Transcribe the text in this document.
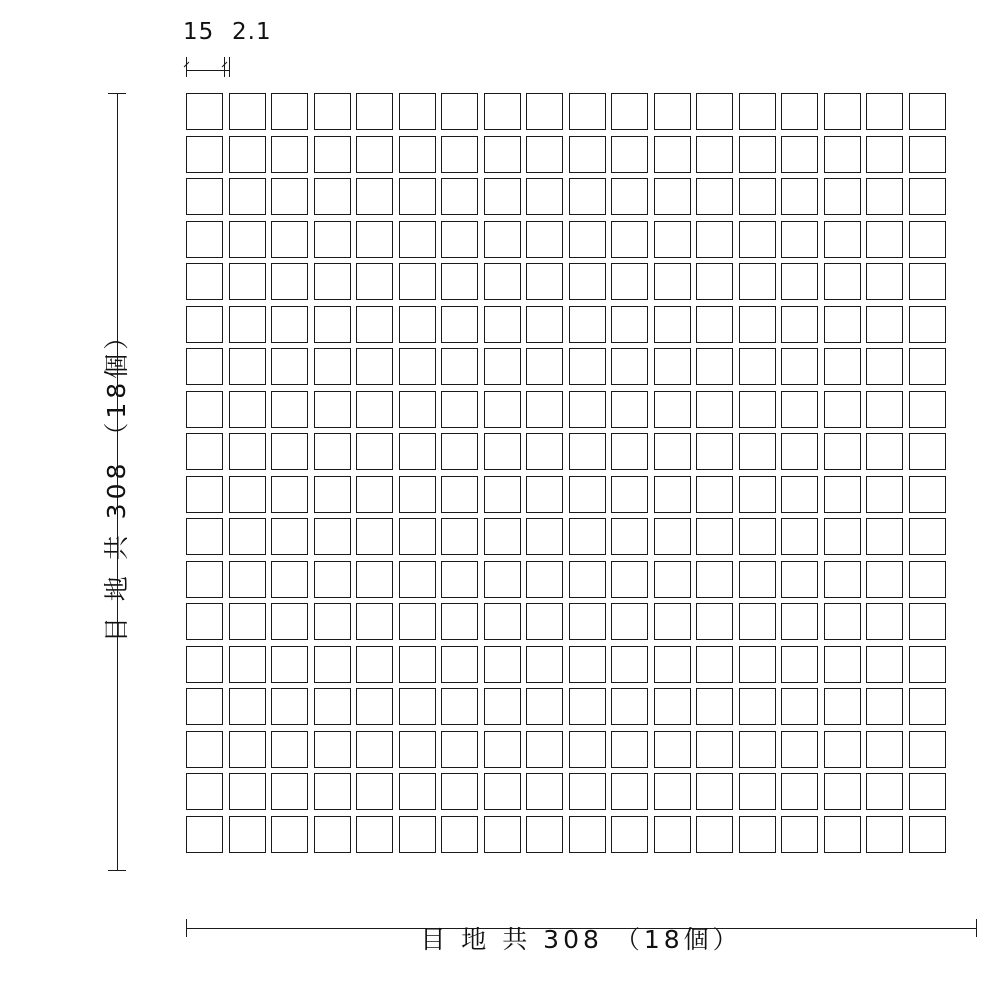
15 2.1
目 地 共 308 （18個）
目 地 共 308 （18個）
